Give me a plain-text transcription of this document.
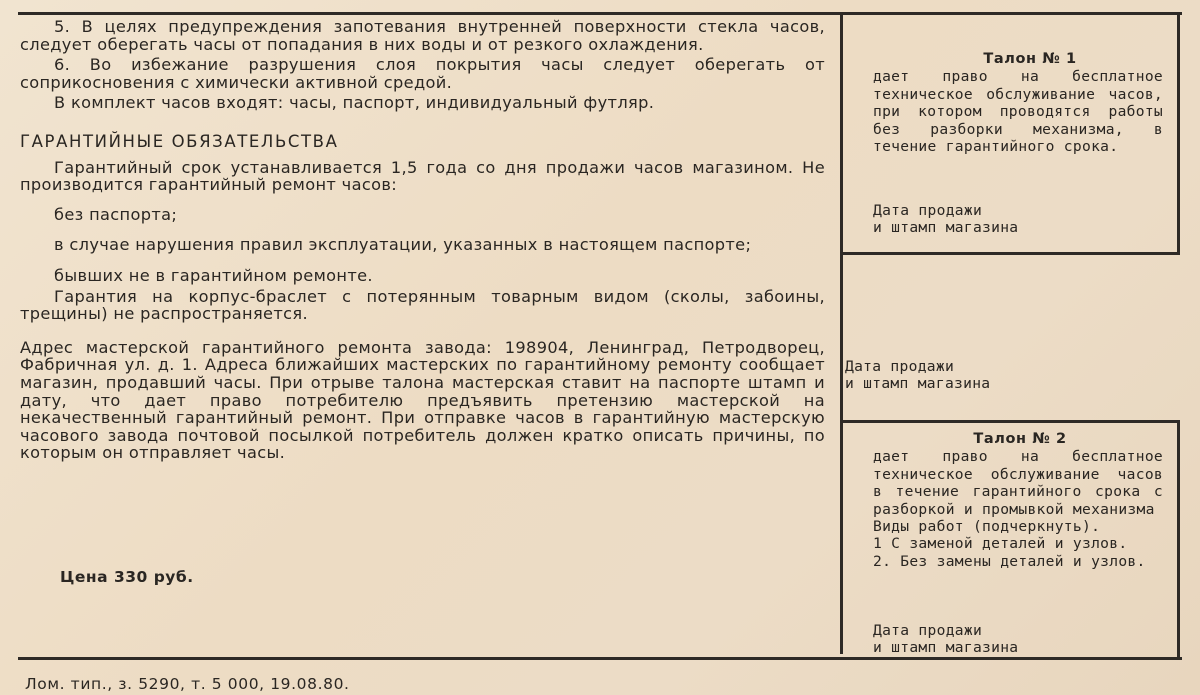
5. В целях предупреждения запотевания внутренней поверхности стекла часов, следует оберегать часы от попадания в них воды и от резкого охлаждения.

6. Во избежание разрушения слоя покрытия часы следует оберегать от соприкосновения с химически активной средой.

В комплект часов входят: часы, паспорт, индивидуальный футляр.

ГАРАНТИЙНЫЕ ОБЯЗАТЕЛЬСТВА

Гарантийный срок устанавливается 1,5 года со дня продажи часов магазином. Не производится гарантийный ремонт часов:

без паспорта;

в случае нарушения правил эксплуатации, указанных в настоящем паспорте;

бывших не в гарантийном ремонте.

Гарантия на корпус-браслет с потерянным товарным видом (сколы, забоины, трещины) не распространяется.

Адрес мастерской гарантийного ремонта завода: 198904, Ленинград, Петродворец, Фабричная ул. д. 1. Адреса ближайших мастерских по гарантийному ремонту сообщает магазин, продавший часы. При отрыве талона мастерская ставит на паспорте штамп и дату, что дает право потребителю предъявить претензию мастерской на некачественный гарантийный ремонт. При отправке часов в гарантийную мастерскую часового завода почтовой посылкой потребитель должен кратко описать причины, по которым он отправляет часы.

Цена 330 руб.
Талон № 1

дает право на бесплатное техническое обслуживание часов, при котором проводятся работы без разборки механизма, в течение гарантийного срока.

Дата продажи
и штамп магазина
Дата продажи
и штамп магазина
Талон № 2

дает право на бесплатное техническое обслуживание часов в течение гарантийного срока с разборкой и промывкой механизма

Виды работ (подчеркнуть).

1 С заменой деталей и узлов.

2. Без замены деталей и узлов.

Дата продажи
и штамп магазина
Лом. тип., з. 5290, т. 5 000, 19.08.80.
